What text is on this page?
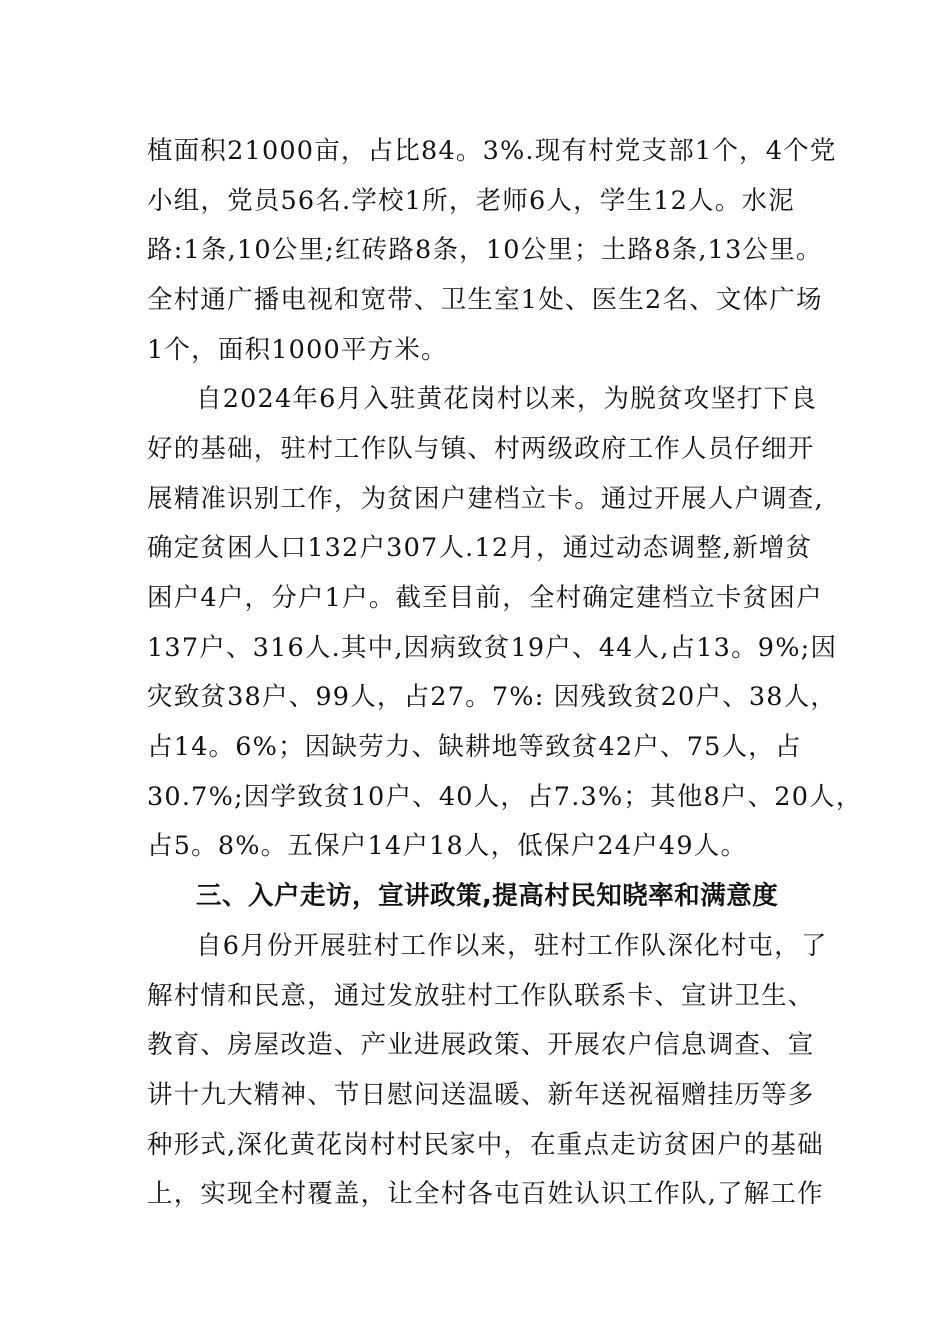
植面积21000亩，占比84。3%.现有村党支部1个，4个党
小组，党员56名.学校1所，老师6人，学生12人。水泥
路:1条,10公里;红砖路8条，10公里；土路8条,13公里。
全村通广播电视和宽带、卫生室1处、医生2名、文体广场
1个，面积1000平方米。
自2024年6月入驻黄花岗村以来，为脱贫攻坚打下良
好的基础，驻村工作队与镇、村两级政府工作人员仔细开
展精准识别工作，为贫困户建档立卡。通过开展人户调查,
确定贫困人口132户307人.12月，通过动态调整,新增贫
困户4户，分户1户。截至目前，全村确定建档立卡贫困户
137户、316人.其中,因病致贫19户、44人,占13。9%;因
灾致贫38户、99人，占27。7%: 因残致贫20户、38人，
占14。6%；因缺劳力、缺耕地等致贫42户、75人，占
30.7%;因学致贫10户、40人，占7.3%；其他8户、20人，
占5。8%。五保户14户18人，低保户24户49人。
三、入户走访，宣讲政策,提高村民知晓率和满意度
自6月份开展驻村工作以来，驻村工作队深化村屯，了
解村情和民意，通过发放驻村工作队联系卡、宣讲卫生、
教育、房屋改造、产业进展政策、开展农户信息调查、宣
讲十九大精神、节日慰问送温暖、新年送祝福赠挂历等多
种形式,深化黄花岗村村民家中，在重点走访贫困户的基础
上，实现全村覆盖，让全村各屯百姓认识工作队,了解工作
